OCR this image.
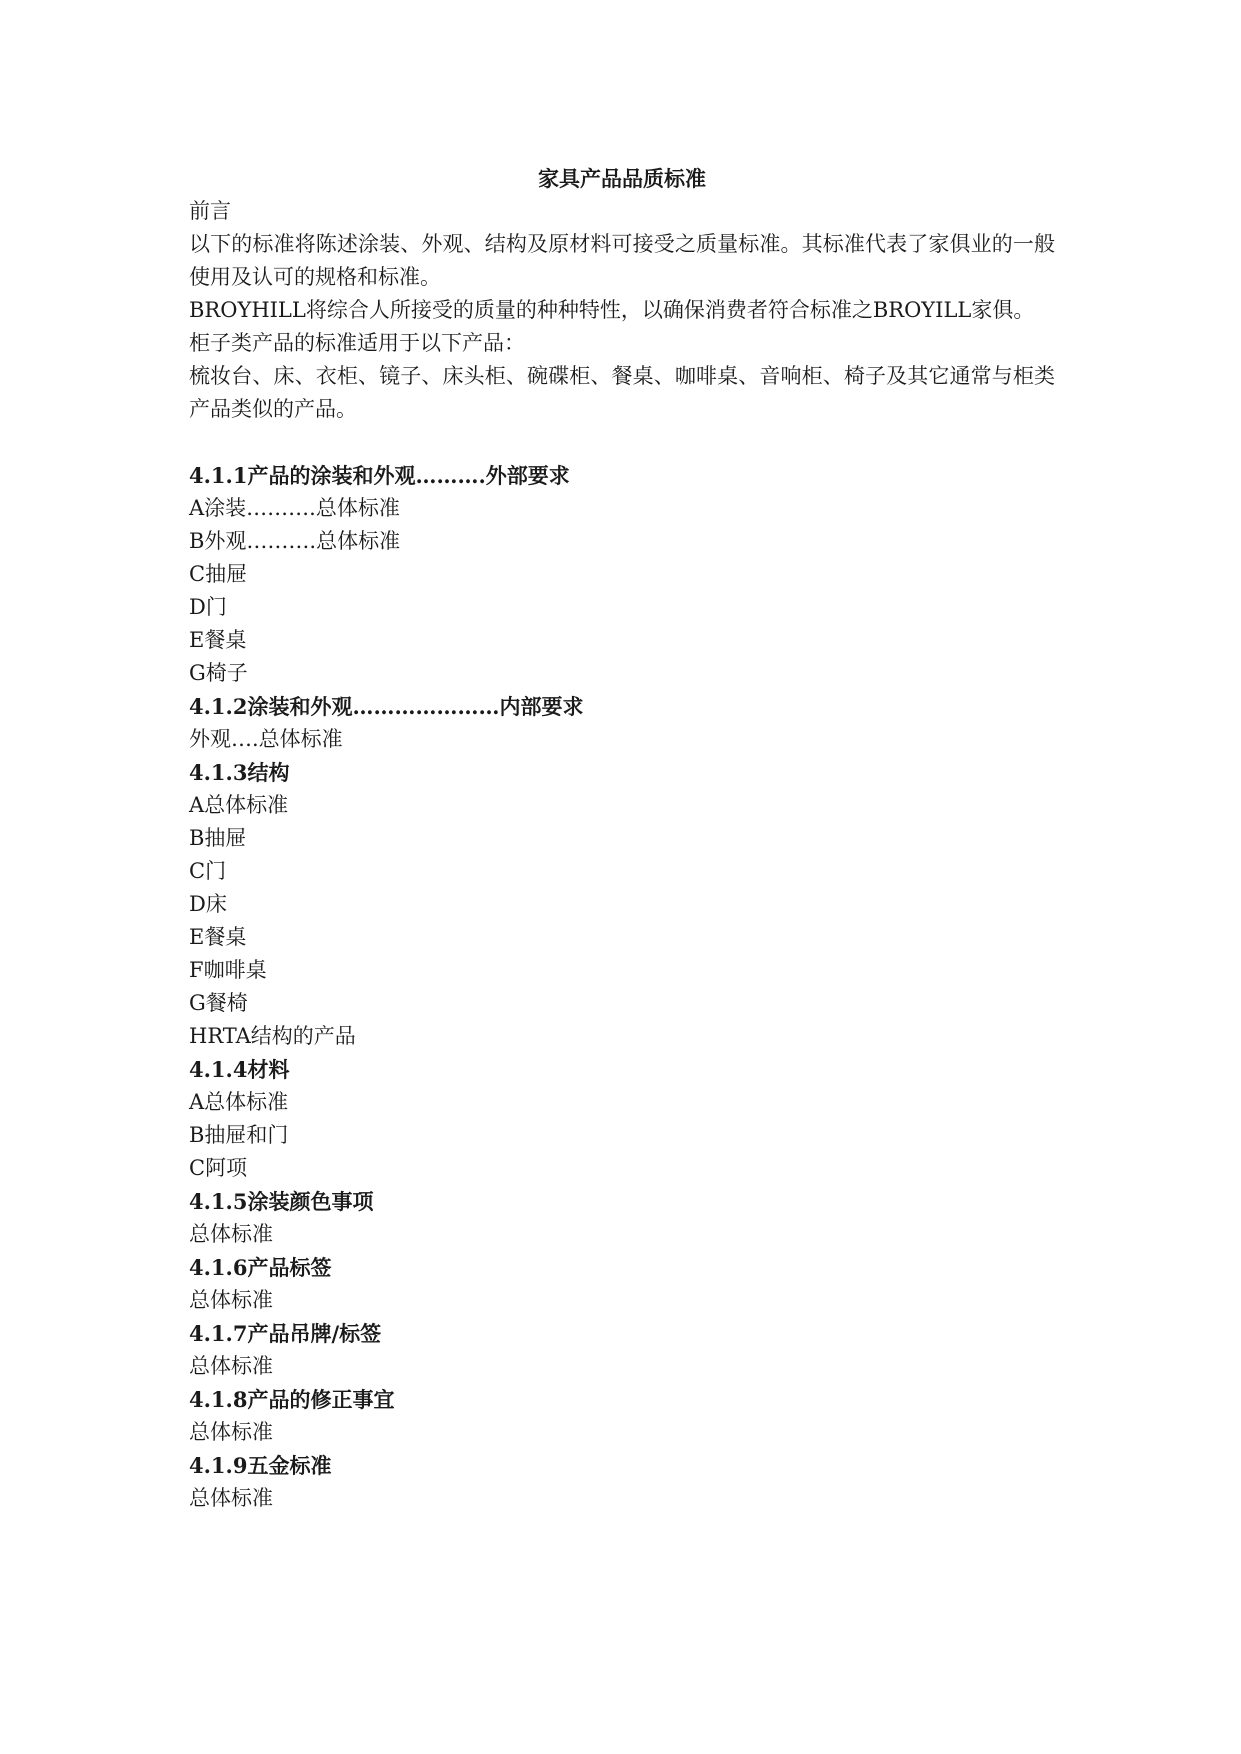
家具产品品质标准

前言

以下的标准将陈述涂装、外观、结构及原材料可接受之质量标准。其标准代表了家俱业的一般使用及认可的规格和标准。

BROYHILL将综合人所接受的质量的种种特性，以确保消费者符合标准之BROYILL家俱。

柜子类产品的标准适用于以下产品：

梳妆台、床、衣柜、镜子、床头柜、碗碟柜、餐桌、咖啡桌、音响柜、椅子及其它通常与柜类产品类似的产品。

4.1.1产品的涂装和外观……….外部要求

A涂装……….总体标准

B外观……….总体标准

C抽屉

D门

E餐桌

G椅子

4.1.2涂装和外观…………………内部要求

外观….总体标准

4.1.3结构

A总体标准

B抽屉

C门

D床

E餐桌

F咖啡桌

G餐椅

HRTA结构的产品

4.1.4材料

A总体标准

B抽屉和门

C阿项

4.1.5涂装颜色事项

总体标准

4.1.6产品标签

总体标准

4.1.7产品吊牌/标签

总体标准

4.1.8产品的修正事宜

总体标准

4.1.9五金标准

总体标准
